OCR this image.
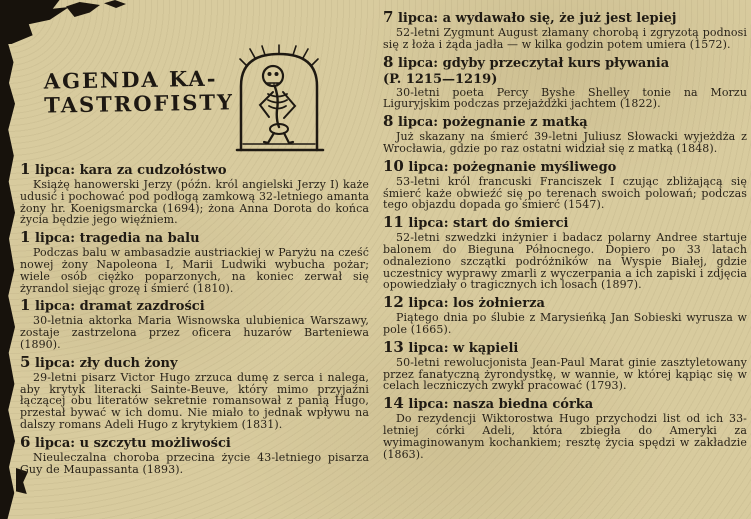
AGENDA KA-
TASTROFISTY
1 lipca: kara za cudzołóstwo

Książę hanowerski Jerzy (późn. król angielski Jerzy I) każe udusić i pochować pod podłogą zamkową 32-letniego amanta żony hr. Koenigsmarcka (1694); żona Anna Dorota do końca życia będzie jego więźniem.

1 lipca: tragedia na balu

Podczas balu w ambasadzie austriackiej w Paryżu na cześć nowej żony Napoleona I, Marii Ludwiki wybucha pożar; wiele osób ciężko poparzonych, na koniec zerwał się żyrandol siejąc grozę i śmierć (1810).

1 lipca: dramat zazdrości

30-letnia aktorka Maria Wisnowska ulubienica Warszawy, zostaje zastrzelona przez oficera huzarów Barteniewa (1890).

5 lipca: zły duch żony

29-letni pisarz Victor Hugo zrzuca dumę z serca i nalega, aby krytyk literacki Sainte-Beuve, który mimo przyjaźni łączącej obu literatów sekretnie romansował z panią Hugo, przestał bywać w ich domu. Nie miało to jednak wpływu na dalszy romans Adeli Hugo z krytykiem (1831).

6 lipca: u szczytu możliwości

Nieuleczalna choroba przecina życie 43-letniego pisarza Guy de Maupassanta (1893).

7 lipca: a wydawało się, że już jest lepiej

52-letni Zygmunt August złamany chorobą i zgryzotą podnosi się z łoża i żąda jadła — w kilka godzin potem umiera (1572).

8 lipca: gdyby przeczytał kurs pływania
(P. 1215—1219)

30-letni poeta Percy Byshe Shelley tonie na Morzu Liguryjskim podczas przejażdżki jachtem (1822).

8 lipca: pożegnanie z matką

Już skazany na śmierć 39-letni Juliusz Słowacki wyjeżdża z Wrocławia, gdzie po raz ostatni widział się z matką (1848).

10 lipca: pożegnanie myśliwego

53-letni król francuski Franciszek I czując zbliżającą się śmierć każe obwieźć się po terenach swoich polowań; podczas tego objazdu dopada go śmierć (1547).

11 lipca: start do śmierci

52-letni szwedzki inżynier i badacz polarny Andree startuje balonem do Bieguna Północnego. Dopiero po 33 latach odnaleziono szczątki podróżników na Wyspie Białej, gdzie uczestnicy wyprawy zmarli z wyczerpania a ich zapiski i zdjęcia opowiedziały o tragicznych ich losach (1897).

12 lipca: los żołnierza

Piątego dnia po ślubie z Marysieńką Jan Sobieski wyrusza w pole (1665).

13 lipca: w kąpieli

50-letni rewolucjonista Jean-Paul Marat ginie zasztyletowany przez fanatyczną żyrondystkę, w wannie, w której kąpiąc się w celach leczniczych zwykł pracować (1793).

14 lipca: nasza biedna córka

Do rezydencji Wiktorostwa Hugo przychodzi list od ich 33-letniej córki Adeli, która zbiegła do Ameryki za wyimaginowanym kochankiem; resztę życia spędzi w zakładzie (1863).
